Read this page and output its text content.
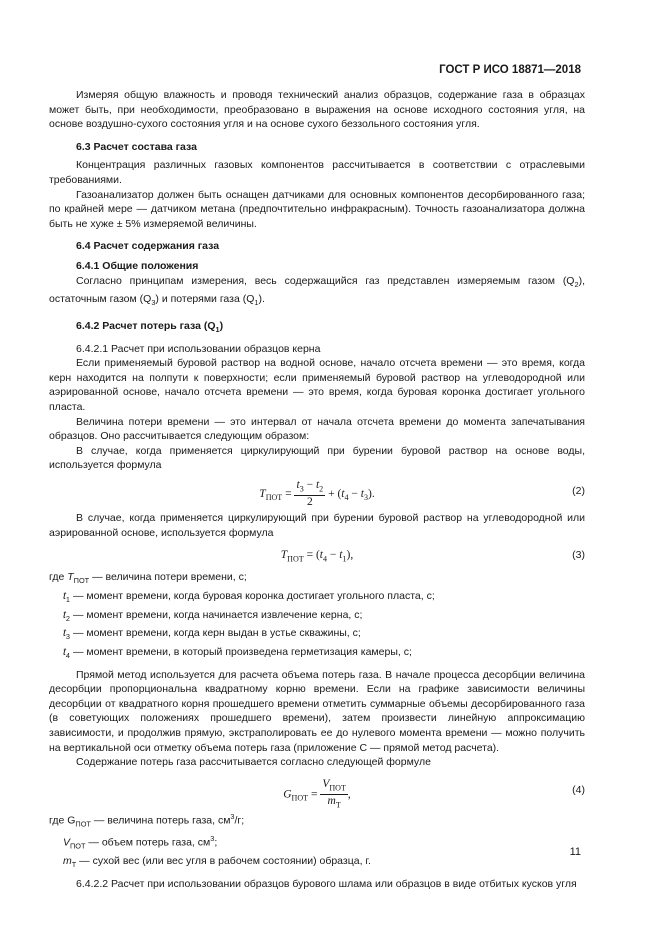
ГОСТ Р ИСО 18871—2018

Измеряя общую влажность и проводя технический анализ образцов, содержание газа в образцах может быть, при необходимости, преобразовано в выражения на основе исходного состояния угля, на основе воздушно-сухого состояния угля и на основе сухого беззольного состояния угля.

6.3 Расчет состава газа

Концентрация различных газовых компонентов рассчитывается в соответствии с отраслевыми требованиями.

Газоанализатор должен быть оснащен датчиками для основных компонентов десорбированного газа; по крайней мере — датчиком метана (предпочтительно инфракрасным). Точность газоанализатора должна быть не хуже ± 5% измеряемой величины.

6.4 Расчет содержания газа
6.4.1 Общие положения

Согласно принципам измерения, весь содержащийся газ представлен измеряемым газом $(Q_2)$, остаточным газом $(Q_3)$ и потерями газа $(Q_1)$.

6.4.2 Расчет потерь газа $(Q_1)$

6.4.2.1 Расчет при использовании образцов керна

Если применяемый буровой раствор на водной основе, начало отсчета времени — это время, когда керн находится на полпути к поверхности; если применяемый буровой раствор на углеводородной или аэрированной основе, начало отсчета времени — это время, когда буровая коронка достигает угольного пласта.

Величина потери времени — это интервал от начала отсчета времени до момента запечатывания образцов. Оно рассчитывается следующим образом:

В случае, когда применяется циркулирующий при бурении буровой раствор на основе воды, используется формула

$T_{ПОТ} = \frac{t_3 - t_2}{2} + (t_4 - t_3)$.	(2)

В случае, когда применяется циркулирующий при бурении буровой раствор на углеводородной или аэрированной основе, используется формула

$T_{ПОТ} = (t_4 - t_1)$,	(3)

где $T_{ПОТ}$ — величина потери времени, с;

$t_1$ — момент времени, когда буровая коронка достигает угольного пласта, с;

$t_2$ — момент времени, когда начинается извлечение керна, с;

$t_3$ — момент времени, когда керн выдан в устье скважины, с;

$t_4$ — момент времени, в который произведена герметизация камеры, с;

Прямой метод используется для расчета объема потерь газа. В начале процесса десорбции величина десорбции пропорциональна квадратному корню времени. Если на графике зависимости величины десорбции от квадратного корня прошедшего времени отметить суммарные объемы десорбированного газа (в советующих положениях прошедшего времени), затем произвести линейную аппроксимацию зависимости, и продолжив прямую, экстраполировать ее до нулевого момента времени — можно получить на вертикальной оси отметку объема потерь газа (приложение С — прямой метод расчета).

Содержание потерь газа рассчитывается согласно следующей формуле

$G_{ПОТ} = \frac{V_{ПОТ}}{m_Т}$ ,	(4)

где $G_{ПОТ}$ — величина потерь газа, $см^3/г$;

$V_{ПОТ}$ — объем потерь газа, $см^3$;

$m_Т$ — сухой вес (или вес угля в рабочем состоянии) образца, г.

6.4.2.2 Расчет при использовании образцов бурового шлама или образцов в виде отбитых кусков угля

11
